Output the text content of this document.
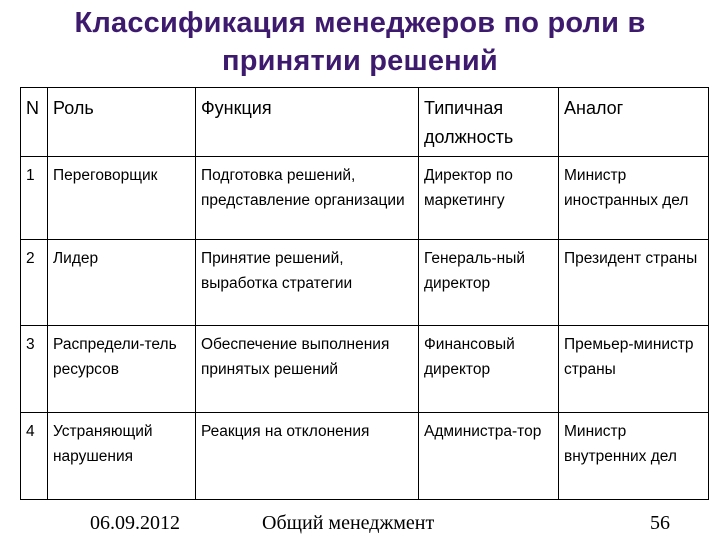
Классификация менеджеров по роли в принятии решений
N	Роль	Функция	Типичная должность	Аналог
1	Переговорщик	Подготовка решений, представление организации	Директор по маркетингу	Министр иностранных дел
2	Лидер	Принятие решений, выработка стратегии	Генераль-ный директор	Президент страны
3	Распредели-тель ресурсов	Обеспечение выполнения принятых решений	Финансовый директор	Премьер-министр страны
4	Устраняющий нарушения	Реакция на отклонения	Администра-тор	Министр внутренних дел
06.09.2012	Общий менеджмент	56
